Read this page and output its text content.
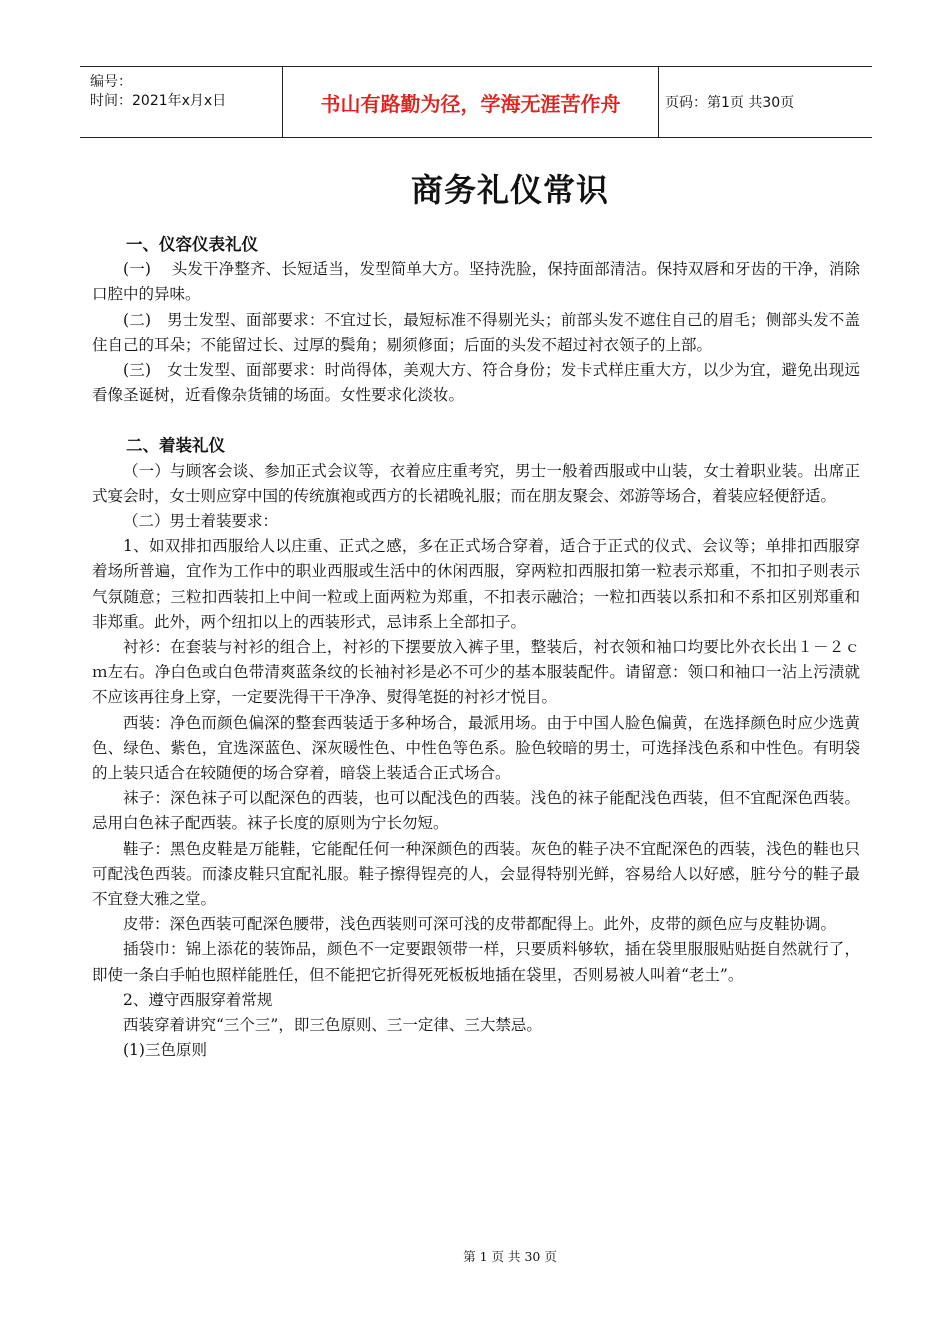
编号：
时间：2021年x月x日	书山有路勤为径，学海无涯苦作舟	页码：第1页 共30页
商务礼仪常识
一、仪容仪表礼仪

(一)　 头发干净整齐、长短适当，发型简单大方。坚持洗脸，保持面部清洁。保持双唇和牙齿的干净，消除口腔中的异味。

(二)　男士发型、面部要求：不宜过长，最短标准不得剔光头；前部头发不遮住自己的眉毛；侧部头发不盖住自己的耳朵；不能留过长、过厚的鬓角；剔须修面；后面的头发不超过衬衣领子的上部。

(三)　女士发型、面部要求：时尚得体，美观大方、符合身份；发卡式样庄重大方，以少为宜，避免出现远看像圣诞树，近看像杂货铺的场面。女性要求化淡妆。

二、着装礼仪

（一）与顾客会谈、参加正式会议等，衣着应庄重考究，男士一般着西服或中山装，女士着职业装。出席正式宴会时，女士则应穿中国的传统旗袍或西方的长裙晚礼服；而在朋友聚会、郊游等场合，着装应轻便舒适。

（二）男士着装要求：

1、如双排扣西服给人以庄重、正式之感，多在正式场合穿着，适合于正式的仪式、会议等；单排扣西服穿着场所普遍，宜作为工作中的职业西服或生活中的休闲西服，穿两粒扣西服扣第一粒表示郑重，不扣扣子则表示气氛随意；三粒扣西装扣上中间一粒或上面两粒为郑重，不扣表示融洽；一粒扣西装以系扣和不系扣区别郑重和非郑重。此外，两个纽扣以上的西装形式，忌讳系上全部扣子。

衬衫：在套装与衬衫的组合上，衬衫的下摆要放入裤子里，整装后，衬衣领和袖口均要比外衣长出１－２ｃｍ左右。净白色或白色带清爽蓝条纹的长袖衬衫是必不可少的基本服装配件。请留意：领口和袖口一沾上污渍就不应该再往身上穿，一定要洗得干干净净、熨得笔挺的衬衫才悦目。

西装：净色而颜色偏深的整套西装适于多种场合，最派用场。由于中国人脸色偏黄，在选择颜色时应少选黄色、绿色、紫色，宜选深蓝色、深灰暖性色、中性色等色系。脸色较暗的男士，可选择浅色系和中性色。有明袋的上装只适合在较随便的场合穿着，暗袋上装适合正式场合。

袜子：深色袜子可以配深色的西装，也可以配浅色的西装。浅色的袜子能配浅色西装，但不宜配深色西装。忌用白色袜子配西装。袜子长度的原则为宁长勿短。

鞋子：黑色皮鞋是万能鞋，它能配任何一种深颜色的西装。灰色的鞋子决不宜配深色的西装，浅色的鞋也只可配浅色西装。而漆皮鞋只宜配礼服。鞋子擦得锃亮的人，会显得特别光鲜，容易给人以好感，脏兮兮的鞋子最不宜登大雅之堂。

皮带：深色西装可配深色腰带，浅色西装则可深可浅的皮带都配得上。此外，皮带的颜色应与皮鞋协调。

插袋巾：锦上添花的装饰品，颜色不一定要跟领带一样，只要质料够软，插在袋里服服贴贴挺自然就行了，即使一条白手帕也照样能胜任，但不能把它折得死死板板地插在袋里，否则易被人叫着“老土”。

2、遵守西服穿着常规

西装穿着讲究“三个三”，即三色原则、三一定律、三大禁忌。

(1)三色原则

第 1 页 共 30 页
